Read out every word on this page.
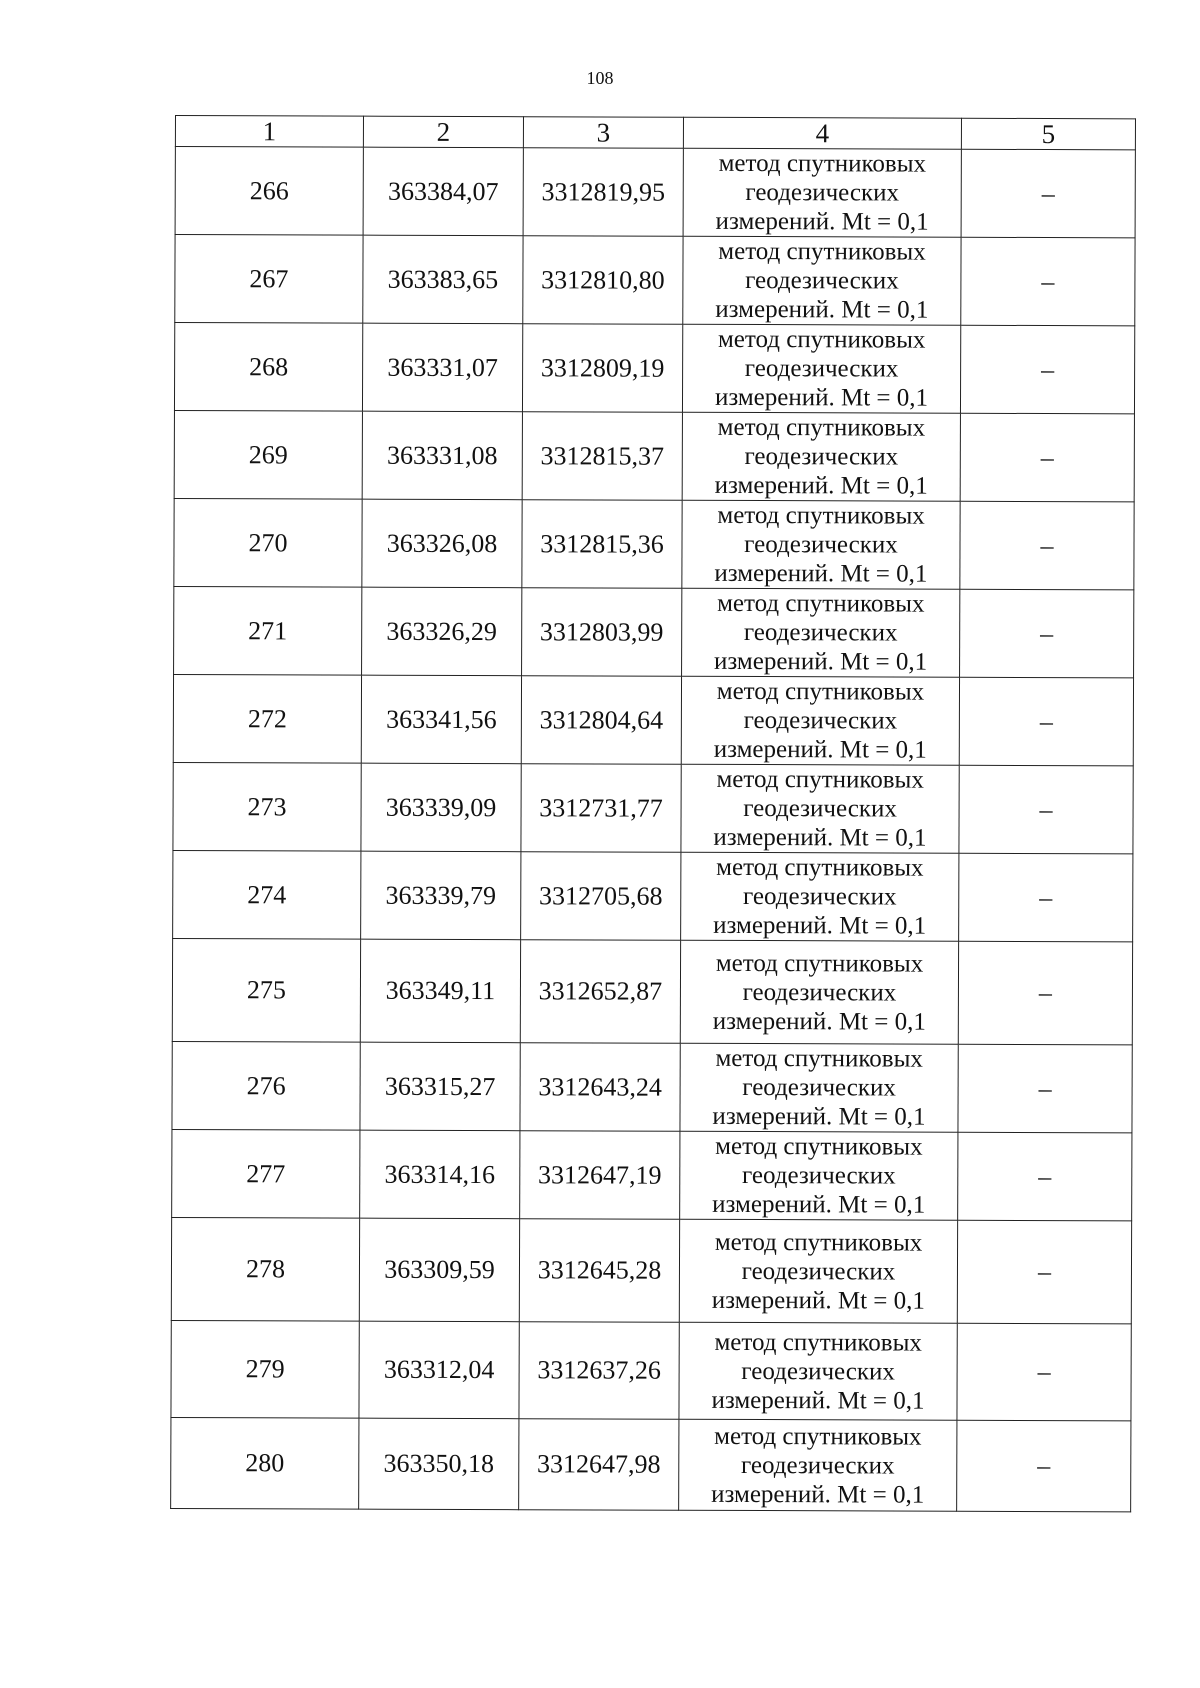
108
1	2	3	4	5
266	363384,07	3312819,95	метод спутниковых
геодезических
измерений. Mt = 0,1	–
267	363383,65	3312810,80	метод спутниковых
геодезических
измерений. Mt = 0,1	–
268	363331,07	3312809,19	метод спутниковых
геодезических
измерений. Mt = 0,1	–
269	363331,08	3312815,37	метод спутниковых
геодезических
измерений. Mt = 0,1	–
270	363326,08	3312815,36	метод спутниковых
геодезических
измерений. Mt = 0,1	–
271	363326,29	3312803,99	метод спутниковых
геодезических
измерений. Mt = 0,1	–
272	363341,56	3312804,64	метод спутниковых
геодезических
измерений. Mt = 0,1	–
273	363339,09	3312731,77	метод спутниковых
геодезических
измерений. Mt = 0,1	–
274	363339,79	3312705,68	метод спутниковых
геодезических
измерений. Mt = 0,1	–
275	363349,11	3312652,87	метод спутниковых
геодезических
измерений. Mt = 0,1	–
276	363315,27	3312643,24	метод спутниковых
геодезических
измерений. Mt = 0,1	–
277	363314,16	3312647,19	метод спутниковых
геодезических
измерений. Mt = 0,1	–
278	363309,59	3312645,28	метод спутниковых
геодезических
измерений. Mt = 0,1	–
279	363312,04	3312637,26	метод спутниковых
геодезических
измерений. Mt = 0,1	–
280	363350,18	3312647,98	метод спутниковых
геодезических
измерений. Mt = 0,1	–
